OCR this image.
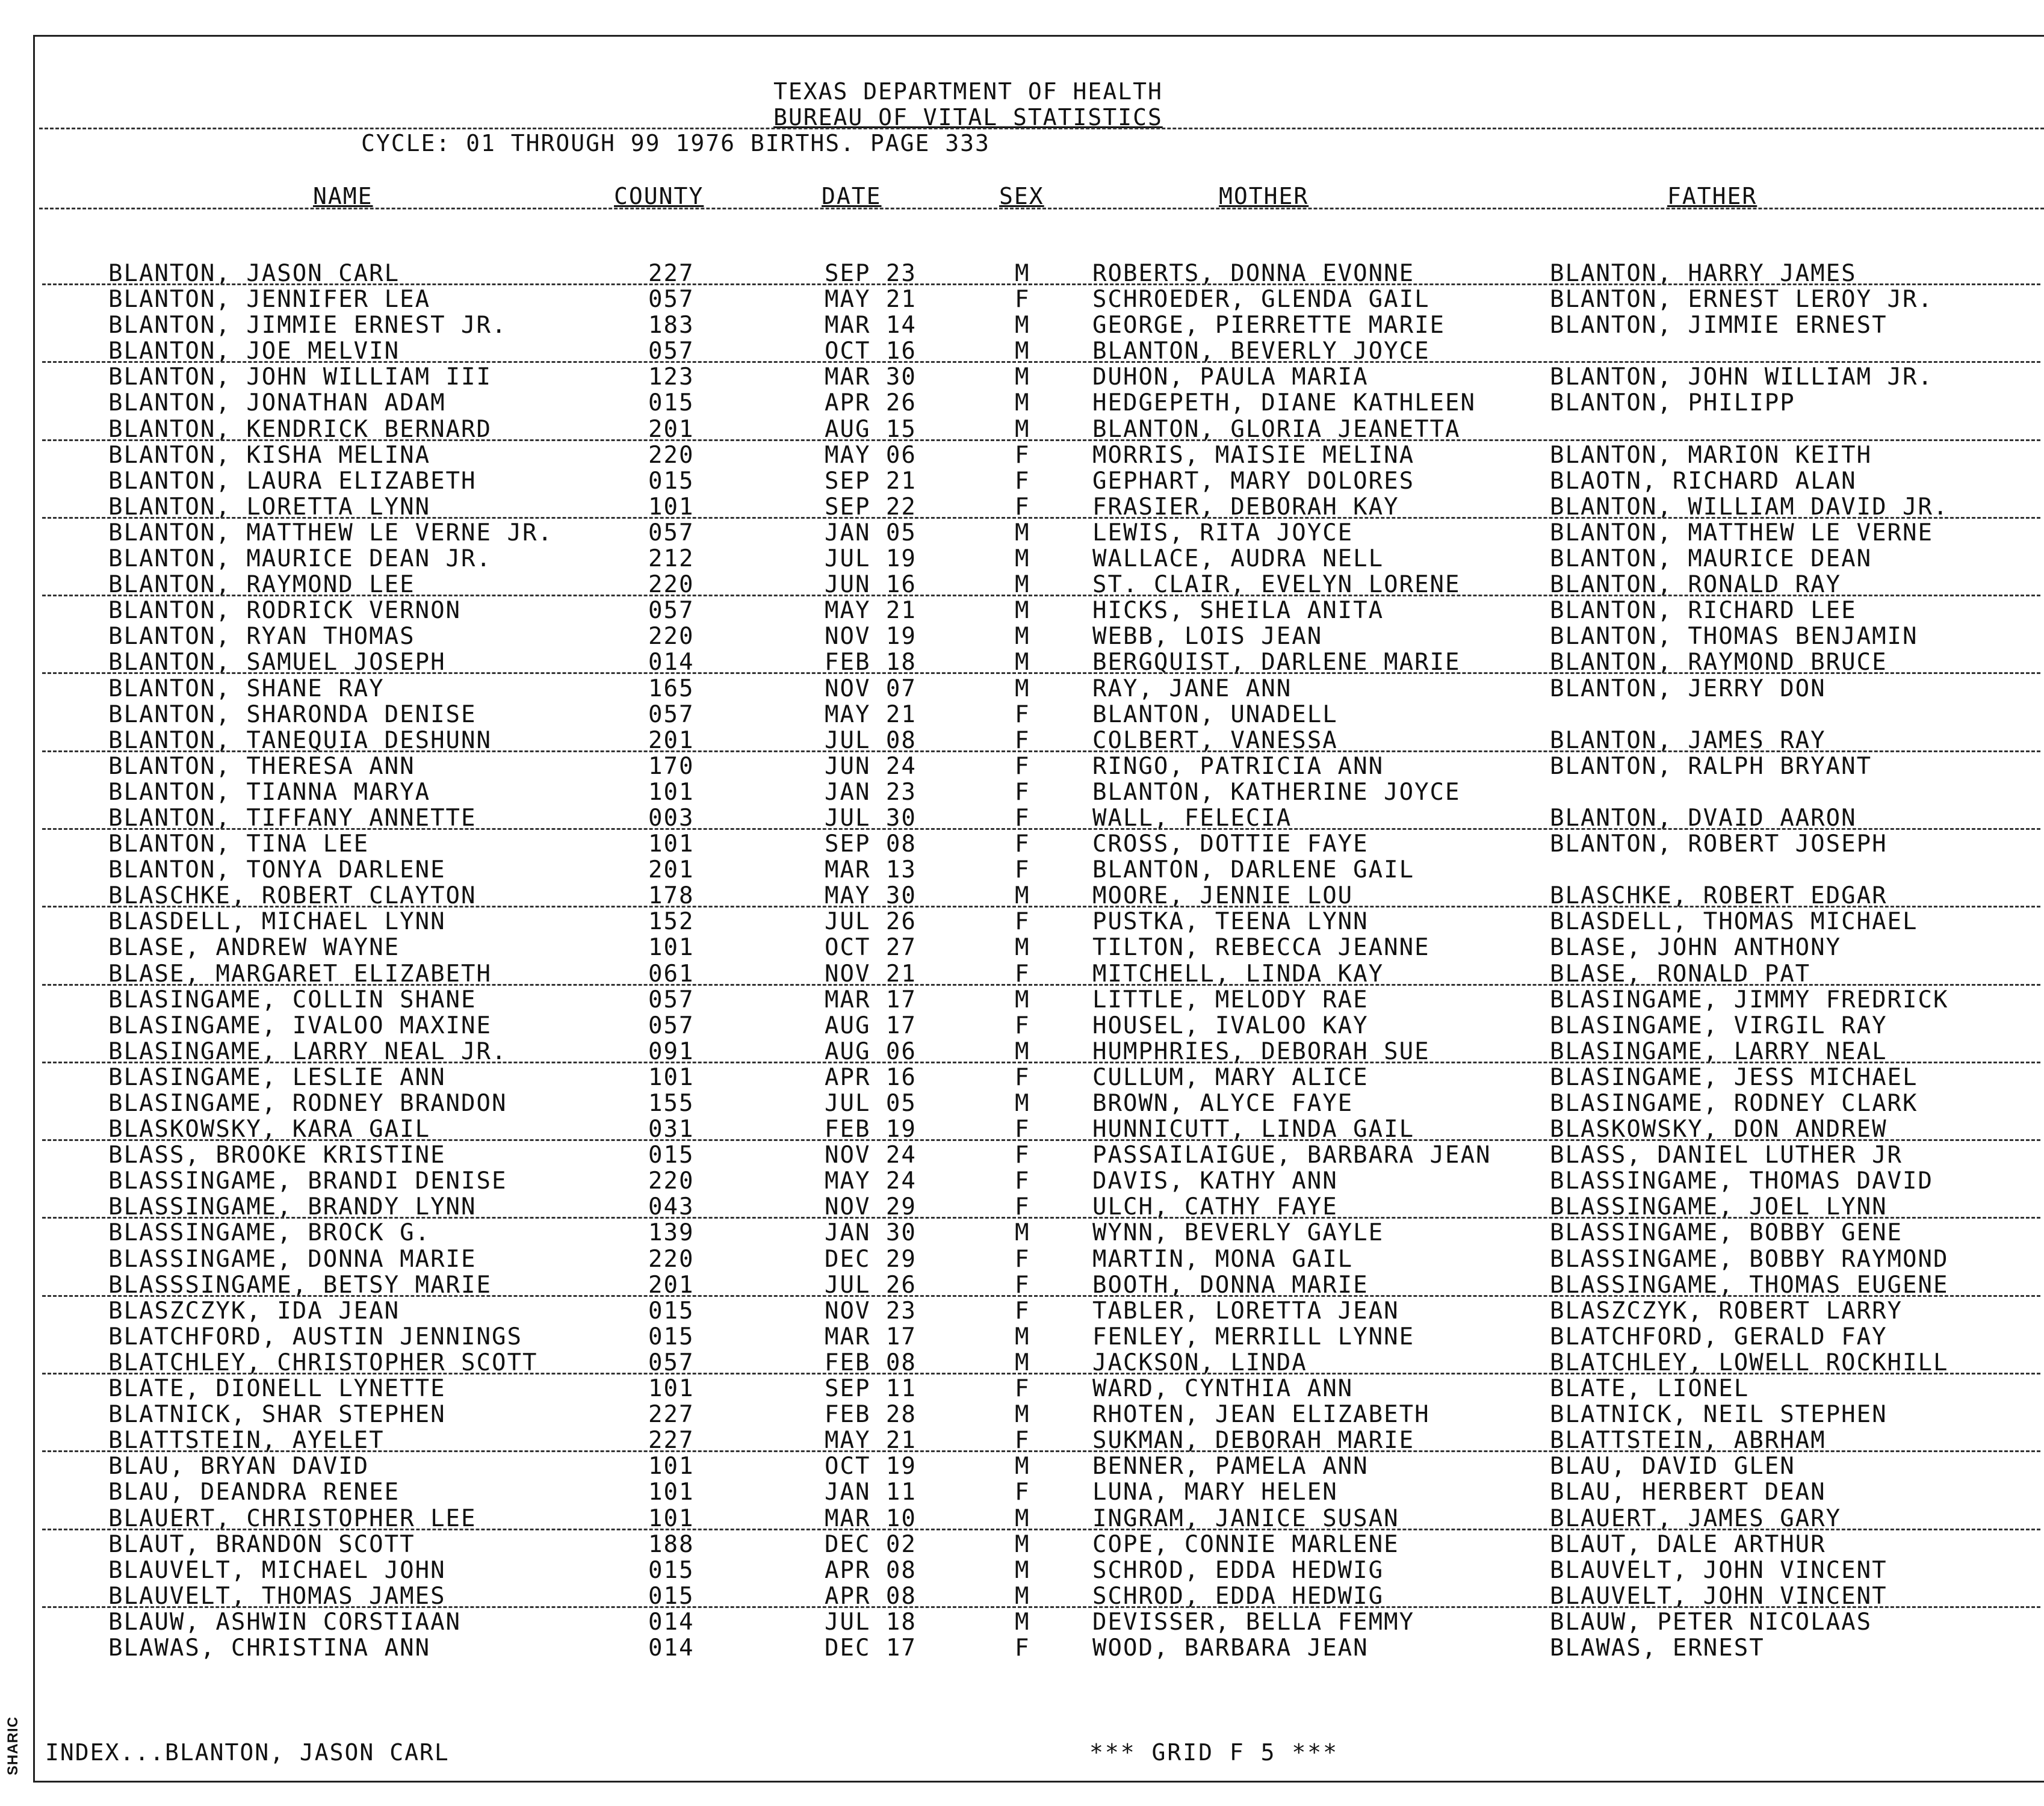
TEXAS DEPARTMENT OF HEALTH
BUREAU OF VITAL STATISTICS
CYCLE: 01 THROUGH 99 1976 BIRTHS. PAGE 333
NAME	COUNTY	DATE	SEX	MOTHER	FATHER
BLANTON, JASON CARL	227	SEP 23	M	ROBERTS, DONNA EVONNE	BLANTON, HARRY JAMES
BLANTON, JENNIFER LEA	057	MAY 21	F	SCHROEDER, GLENDA GAIL	BLANTON, ERNEST LEROY JR.
BLANTON, JIMMIE ERNEST JR.	183	MAR 14	M	GEORGE, PIERRETTE MARIE	BLANTON, JIMMIE ERNEST
BLANTON, JOE MELVIN	057	OCT 16	M	BLANTON, BEVERLY JOYCE
BLANTON, JOHN WILLIAM III	123	MAR 30	M	DUHON, PAULA MARIA	BLANTON, JOHN WILLIAM JR.
BLANTON, JONATHAN ADAM	015	APR 26	M	HEDGEPETH, DIANE KATHLEEN	BLANTON, PHILIPP
BLANTON, KENDRICK BERNARD	201	AUG 15	M	BLANTON, GLORIA JEANETTA
BLANTON, KISHA MELINA	220	MAY 06	F	MORRIS, MAISIE MELINA	BLANTON, MARION KEITH
BLANTON, LAURA ELIZABETH	015	SEP 21	F	GEPHART, MARY DOLORES	BLAOTN, RICHARD ALAN
BLANTON, LORETTA LYNN	101	SEP 22	F	FRASIER, DEBORAH KAY	BLANTON, WILLIAM DAVID JR.
BLANTON, MATTHEW LE VERNE JR.	057	JAN 05	M	LEWIS, RITA JOYCE	BLANTON, MATTHEW LE VERNE
BLANTON, MAURICE DEAN JR.	212	JUL 19	M	WALLACE, AUDRA NELL	BLANTON, MAURICE DEAN
BLANTON, RAYMOND LEE	220	JUN 16	M	ST. CLAIR, EVELYN LORENE	BLANTON, RONALD RAY
BLANTON, RODRICK VERNON	057	MAY 21	M	HICKS, SHEILA ANITA	BLANTON, RICHARD LEE
BLANTON, RYAN THOMAS	220	NOV 19	M	WEBB, LOIS JEAN	BLANTON, THOMAS BENJAMIN
BLANTON, SAMUEL JOSEPH	014	FEB 18	M	BERGQUIST, DARLENE MARIE	BLANTON, RAYMOND BRUCE
BLANTON, SHANE RAY	165	NOV 07	M	RAY, JANE ANN	BLANTON, JERRY DON
BLANTON, SHARONDA DENISE	057	MAY 21	F	BLANTON, UNADELL
BLANTON, TANEQUIA DESHUNN	201	JUL 08	F	COLBERT, VANESSA	BLANTON, JAMES RAY
BLANTON, THERESA ANN	170	JUN 24	F	RINGO, PATRICIA ANN	BLANTON, RALPH BRYANT
BLANTON, TIANNA MARYA	101	JAN 23	F	BLANTON, KATHERINE JOYCE
BLANTON, TIFFANY ANNETTE	003	JUL 30	F	WALL, FELECIA	BLANTON, DVAID AARON
BLANTON, TINA LEE	101	SEP 08	F	CROSS, DOTTIE FAYE	BLANTON, ROBERT JOSEPH
BLANTON, TONYA DARLENE	201	MAR 13	F	BLANTON, DARLENE GAIL
BLASCHKE, ROBERT CLAYTON	178	MAY 30	M	MOORE, JENNIE LOU	BLASCHKE, ROBERT EDGAR
BLASDELL, MICHAEL LYNN	152	JUL 26	F	PUSTKA, TEENA LYNN	BLASDELL, THOMAS MICHAEL
BLASE, ANDREW WAYNE	101	OCT 27	M	TILTON, REBECCA JEANNE	BLASE, JOHN ANTHONY
BLASE, MARGARET ELIZABETH	061	NOV 21	F	MITCHELL, LINDA KAY	BLASE, RONALD PAT
BLASINGAME, COLLIN SHANE	057	MAR 17	M	LITTLE, MELODY RAE	BLASINGAME, JIMMY FREDRICK
BLASINGAME, IVALOO MAXINE	057	AUG 17	F	HOUSEL, IVALOO KAY	BLASINGAME, VIRGIL RAY
BLASINGAME, LARRY NEAL JR.	091	AUG 06	M	HUMPHRIES, DEBORAH SUE	BLASINGAME, LARRY NEAL
BLASINGAME, LESLIE ANN	101	APR 16	F	CULLUM, MARY ALICE	BLASINGAME, JESS MICHAEL
BLASINGAME, RODNEY BRANDON	155	JUL 05	M	BROWN, ALYCE FAYE	BLASINGAME, RODNEY CLARK
BLASKOWSKY, KARA GAIL	031	FEB 19	F	HUNNICUTT, LINDA GAIL	BLASKOWSKY, DON ANDREW
BLASS, BROOKE KRISTINE	015	NOV 24	F	PASSAILAIGUE, BARBARA JEAN	BLASS, DANIEL LUTHER JR
BLASSINGAME, BRANDI DENISE	220	MAY 24	F	DAVIS, KATHY ANN	BLASSINGAME, THOMAS DAVID
BLASSINGAME, BRANDY LYNN	043	NOV 29	F	ULCH, CATHY FAYE	BLASSINGAME, JOEL LYNN
BLASSINGAME, BROCK G.	139	JAN 30	M	WYNN, BEVERLY GAYLE	BLASSINGAME, BOBBY GENE
BLASSINGAME, DONNA MARIE	220	DEC 29	F	MARTIN, MONA GAIL	BLASSINGAME, BOBBY RAYMOND
BLASSSINGAME, BETSY MARIE	201	JUL 26	F	BOOTH, DONNA MARIE	BLASSINGAME, THOMAS EUGENE
BLASZCZYK, IDA JEAN	015	NOV 23	F	TABLER, LORETTA JEAN	BLASZCZYK, ROBERT LARRY
BLATCHFORD, AUSTIN JENNINGS	015	MAR 17	M	FENLEY, MERRILL LYNNE	BLATCHFORD, GERALD FAY
BLATCHLEY, CHRISTOPHER SCOTT	057	FEB 08	M	JACKSON, LINDA	BLATCHLEY, LOWELL ROCKHILL
BLATE, DIONELL LYNETTE	101	SEP 11	F	WARD, CYNTHIA ANN	BLATE, LIONEL
BLATNICK, SHAR STEPHEN	227	FEB 28	M	RHOTEN, JEAN ELIZABETH	BLATNICK, NEIL STEPHEN
BLATTSTEIN, AYELET	227	MAY 21	F	SUKMAN, DEBORAH MARIE	BLATTSTEIN, ABRHAM
BLAU, BRYAN DAVID	101	OCT 19	M	BENNER, PAMELA ANN	BLAU, DAVID GLEN
BLAU, DEANDRA RENEE	101	JAN 11	F	LUNA, MARY HELEN	BLAU, HERBERT DEAN
BLAUERT, CHRISTOPHER LEE	101	MAR 10	M	INGRAM, JANICE SUSAN	BLAUERT, JAMES GARY
BLAUT, BRANDON SCOTT	188	DEC 02	M	COPE, CONNIE MARLENE	BLAUT, DALE ARTHUR
BLAUVELT, MICHAEL JOHN	015	APR 08	M	SCHROD, EDDA HEDWIG	BLAUVELT, JOHN VINCENT
BLAUVELT, THOMAS JAMES	015	APR 08	M	SCHROD, EDDA HEDWIG	BLAUVELT, JOHN VINCENT
BLAUW, ASHWIN CORSTIAAN	014	JUL 18	M	DEVISSER, BELLA FEMMY	BLAUW, PETER NICOLAAS
BLAWAS, CHRISTINA ANN	014	DEC 17	F	WOOD, BARBARA JEAN	BLAWAS, ERNEST
INDEX...BLANTON, JASON CARL	*** GRID F 5 ***
SHARIC
